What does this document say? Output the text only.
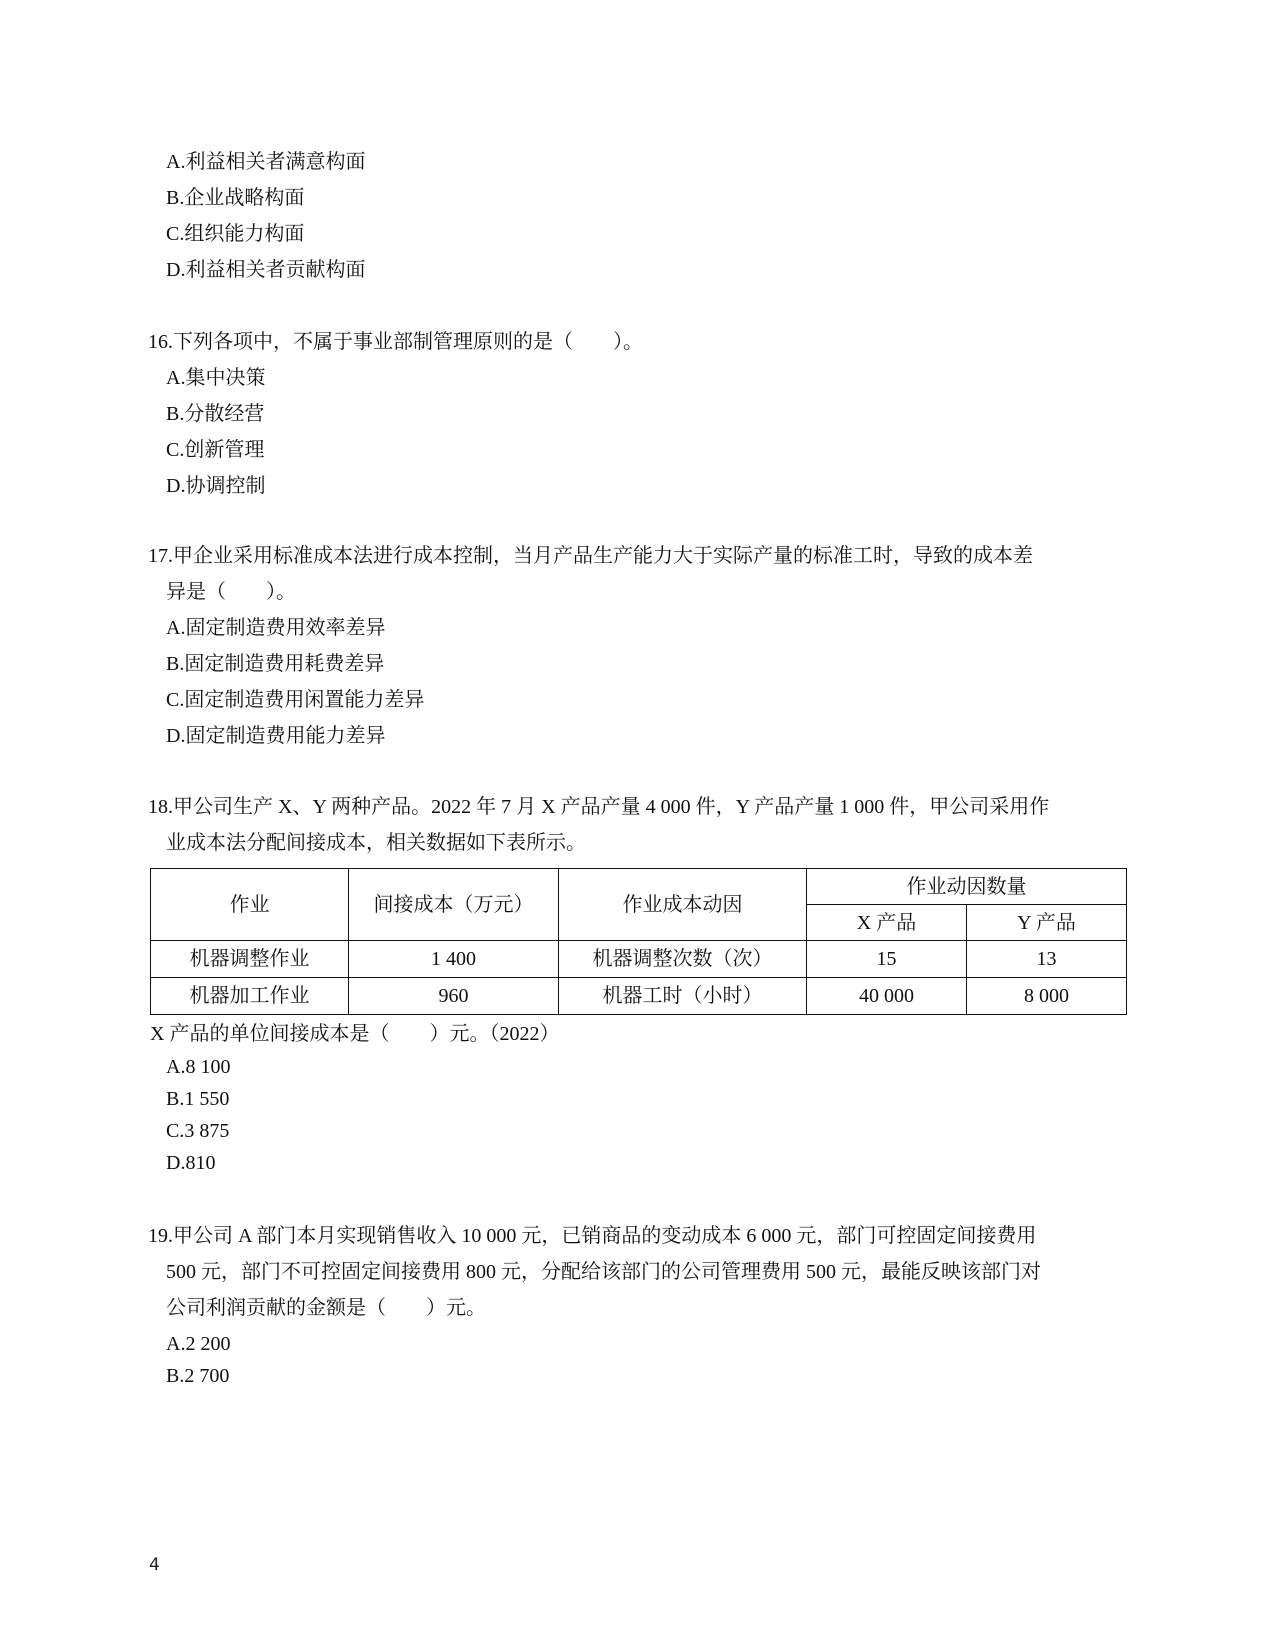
A.利益相关者满意构面
B.企业战略构面
C.组织能力构面
D.利益相关者贡献构面
16.下列各项中，不属于事业部制管理原则的是（　　）。
A.集中决策
B.分散经营
C.创新管理
D.协调控制
17.甲企业采用标准成本法进行成本控制，当月产品生产能力大于实际产量的标准工时，导致的成本差
异是（　　）。
A.固定制造费用效率差异
B.固定制造费用耗费差异
C.固定制造费用闲置能力差异
D.固定制造费用能力差异
18.甲公司生产 X、Y 两种产品。2022 年 7 月 X 产品产量 4 000 件，Y 产品产量 1 000 件，甲公司采用作
业成本法分配间接成本，相关数据如下表所示。
作业	间接成本（万元）	作业成本动因	作业动因数量	
			X 产品	Y 产品
机器调整作业	1 400	机器调整次数（次）	15	13
机器加工作业	960	机器工时（小时）	40 000	8 000
X 产品的单位间接成本是（　　）元。（2022）
A.8 100
B.1 550
C.3 875
D.810
19.甲公司 A 部门本月实现销售收入 10 000 元，已销商品的变动成本 6 000 元，部门可控固定间接费用
500 元，部门不可控固定间接费用 800 元，分配给该部门的公司管理费用 500 元，最能反映该部门对
公司利润贡献的金额是（　　）元。
A.2 200
B.2 700
4
